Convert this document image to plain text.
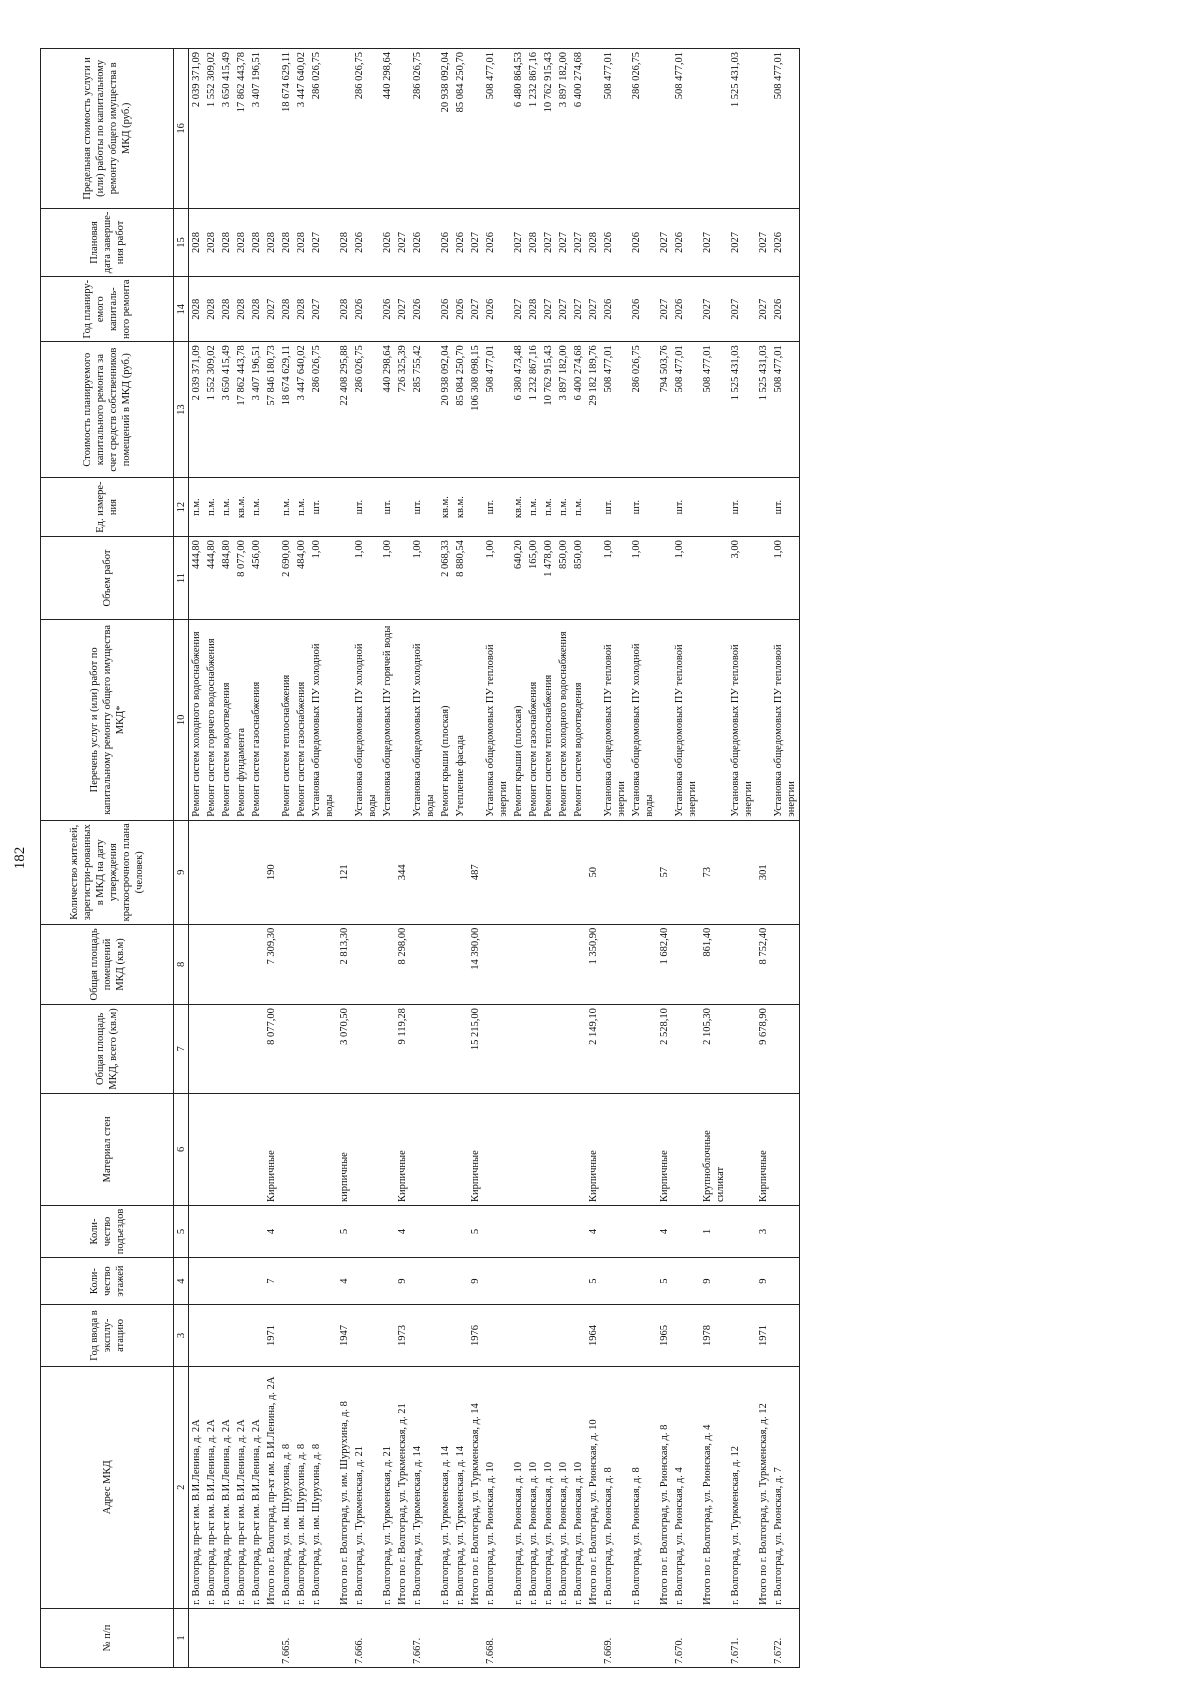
182
№ п/п	Адрес МКД	Год ввода в эксплу-атацию	Коли-чество этажей	Коли-чество подъездов	Материал стен	Общая площадь МКД, всего (кв.м)	Общая площадь помещений МКД (кв.м)	Количество жителей, зарегистри-рованных в МКД на дату утверждения краткосрочного плана (человек)	Перечень услуг и (или) работ по капитальному ремонту общего имущества МКД*	Объем работ	Ед. измере-ния	Стоимость планируемого капитального ремонта за счет средств собственников помещений в МКД (руб.)	Год планиру-емого капиталь-ного ремонта	Плановая дата заверше-ния работ	Предельная стоимость услуги и (или) работы по капитальному ремонту общего имущества в МКД (руб.)
1	2	3	4	5	6	7	8	9	10	11	12	13	14	15	16
	г. Волгоград, пр-кт им. В.И.Ленина, д. 2А								Ремонт систем холодного водоснабжения	444,80	п.м.	2 039 371,09	2028	2028	2 039 371,09
	г. Волгоград, пр-кт им. В.И.Ленина, д. 2А								Ремонт систем горячего водоснабжения	444,80	п.м.	1 552 309,02	2028	2028	1 552 309,02
	г. Волгоград, пр-кт им. В.И.Ленина, д. 2А								Ремонт систем водоотведения	484,80	п.м.	3 650 415,49	2028	2028	3 650 415,49
	г. Волгоград, пр-кт им. В.И.Ленина, д. 2А								Ремонт фундамента	8 077,00	кв.м.	17 862 443,78	2028	2028	17 862 443,78
	г. Волгоград, пр-кт им. В.И.Ленина, д. 2А								Ремонт систем газоснабжения	456,00	п.м.	3 407 196,51	2028	2028	3 407 196,51
	Итого по г. Волгоград, пр-кт им. В.И.Ленина, д. 2А	1971	7	4	Кирпичные	8 077,00	7 309,30	190				57 846 180,73	2027	2028	
7.665.	г. Волгоград, ул. им. Шурухина, д. 8								Ремонт систем теплоснабжения	2 690,00	п.м.	18 674 629,11	2028	2028	18 674 629,11
	г. Волгоград, ул. им. Шурухина, д. 8								Ремонт систем газоснабжения	484,00	п.м.	3 447 640,02	2028	2028	3 447 640,02
	г. Волгоград, ул. им. Шурухина, д. 8								Установка общедомовых ПУ холодной воды	1,00	шт.	286 026,75	2027	2027	286 026,75
	Итого по г. Волгоград, ул. им. Шурухина, д. 8	1947	4	5	кирпичные	3 070,50	2 813,30	121				22 408 295,88	2028	2028	
7.666.	г. Волгоград, ул. Туркменская, д. 21								Установка общедомовых ПУ холодной воды	1,00	шт.	286 026,75	2026	2026	286 026,75
	г. Волгоград, ул. Туркменская, д. 21								Установка общедомовых ПУ горячей воды	1,00	шт.	440 298,64	2026	2026	440 298,64
	Итого по г. Волгоград, ул. Туркменская, д. 21	1973	9	4	Кирпичные	9 119,28	8 298,00	344				726 325,39	2027	2027	
7.667.	г. Волгоград, ул. Туркменская, д. 14								Установка общедомовых ПУ холодной воды	1,00	шт.	285 755,42	2026	2026	286 026,75
	г. Волгоград, ул. Туркменская, д. 14								Ремонт крыши (плоская)	2 068,33	кв.м.	20 938 092,04	2026	2026	20 938 092,04
	г. Волгоград, ул. Туркменская, д. 14								Утепление фасада	8 880,54	кв.м.	85 084 250,70	2026	2026	85 084 250,70
	Итого по г. Волгоград, ул. Туркменская, д. 14	1976	9	5	Кирпичные	15 215,00	14 390,00	487				106 308 098,15	2027	2027	
7.668.	г. Волгоград, ул. Рионская, д. 10								Установка общедомовых ПУ тепловой энергии	1,00	шт.	508 477,01	2026	2026	508 477,01
	г. Волгоград, ул. Рионская, д. 10								Ремонт крыши (плоская)	640,20	кв.м.	6 380 473,48	2027	2027	6 480 864,53
	г. Волгоград, ул. Рионская, д. 10								Ремонт систем газоснабжения	165,00	п.м.	1 232 867,16	2028	2028	1 232 867,16
	г. Волгоград, ул. Рионская, д. 10								Ремонт систем теплоснабжения	1 478,00	п.м.	10 762 915,43	2027	2027	10 762 915,43
	г. Волгоград, ул. Рионская, д. 10								Ремонт систем холодного водоснабжения	850,00	п.м.	3 897 182,00	2027	2027	3 897 182,00
	г. Волгоград, ул. Рионская, д. 10								Ремонт систем водоотведения	850,00	п.м.	6 400 274,68	2027	2027	6 400 274,68
	Итого по г. Волгоград, ул. Рионская, д. 10	1964	5	4	Кирпичные	2 149,10	1 350,90	50				29 182 189,76	2027	2028	
7.669.	г. Волгоград, ул. Рионская, д. 8								Установка общедомовых ПУ тепловой энергии	1,00	шт.	508 477,01	2026	2026	508 477,01
	г. Волгоград, ул. Рионская, д. 8								Установка общедомовых ПУ холодной воды	1,00	шт.	286 026,75	2026	2026	286 026,75
	Итого по г. Волгоград, ул. Рионская, д. 8	1965	5	4	Кирпичные	2 528,10	1 682,40	57				794 503,76	2027	2027	
7.670.	г. Волгоград, ул. Рионская, д. 4								Установка общедомовых ПУ тепловой энергии	1,00	шт.	508 477,01	2026	2026	508 477,01
	Итого по г. Волгоград, ул. Рионская, д. 4	1978	9	1	Крупноблочные силикат	2 105,30	861,40	73				508 477,01	2027	2027	
7.671.	г. Волгоград, ул. Туркменская, д. 12								Установка общедомовых ПУ тепловой энергии	3,00	шт.	1 525 431,03	2027	2027	1 525 431,03
	Итого по г. Волгоград, ул. Туркменская, д. 12	1971	9	3	Кирпичные	9 678,90	8 752,40	301				1 525 431,03	2027	2027	
7.672.	г. Волгоград, ул. Рионская, д. 7								Установка общедомовых ПУ тепловой энергии	1,00	шт.	508 477,01	2026	2026	508 477,01
